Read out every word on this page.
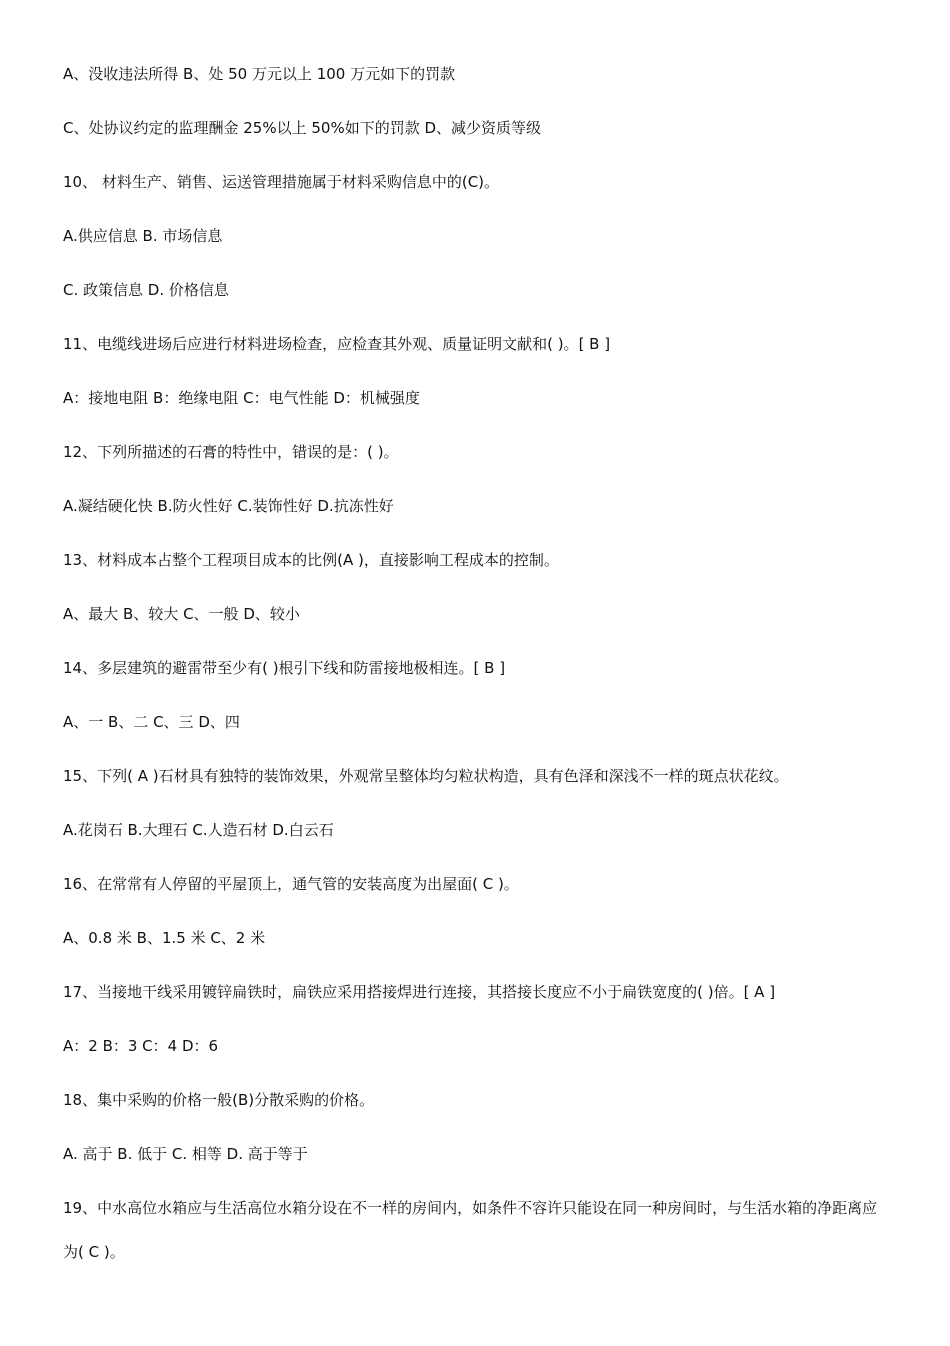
A、没收违法所得 B、处 50 万元以上 100 万元如下的罚款
C、处协议约定的监理酬金 25%以上 50%如下的罚款 D、减少资质等级
10、 材料生产、销售、运送管理措施属于材料采购信息中的(C)。
A.供应信息 B. 市场信息
C. 政策信息 D. 价格信息
11、电缆线进场后应进行材料进场检查，应检查其外观、质量证明文献和( )。[ B ]
A：接地电阻 B：绝缘电阻 C：电气性能 D：机械强度
12、下列所描述的石膏的特性中，错误的是：( )。
A.凝结硬化快 B.防火性好 C.装饰性好 D.抗冻性好
13、材料成本占整个工程项目成本的比例(A )，直接影响工程成本的控制。
A、最大 B、较大 C、一般 D、较小
14、多层建筑的避雷带至少有( )根引下线和防雷接地极相连。[ B ]
A、一 B、二 C、三 D、四
15、下列( A )石材具有独特的装饰效果，外观常呈整体均匀粒状构造，具有色泽和深浅不一样的斑点状花纹。
A.花岗石 B.大理石 C.人造石材 D.白云石
16、在常常有人停留的平屋顶上，通气管的安装高度为出屋面( C )。
A、0.8 米 B、1.5 米 C、2 米
17、当接地干线采用镀锌扁铁时，扁铁应采用搭接焊进行连接，其搭接长度应不小于扁铁宽度的( )倍。[ A ]
A：2 B：3 C：4 D：6
18、集中采购的价格一般(B)分散采购的价格。
A. 高于 B. 低于 C. 相等 D. 高于等于
19、中水高位水箱应与生活高位水箱分设在不一样的房间内，如条件不容许只能设在同一种房间时，与生活水箱的净距离应为( C )。
